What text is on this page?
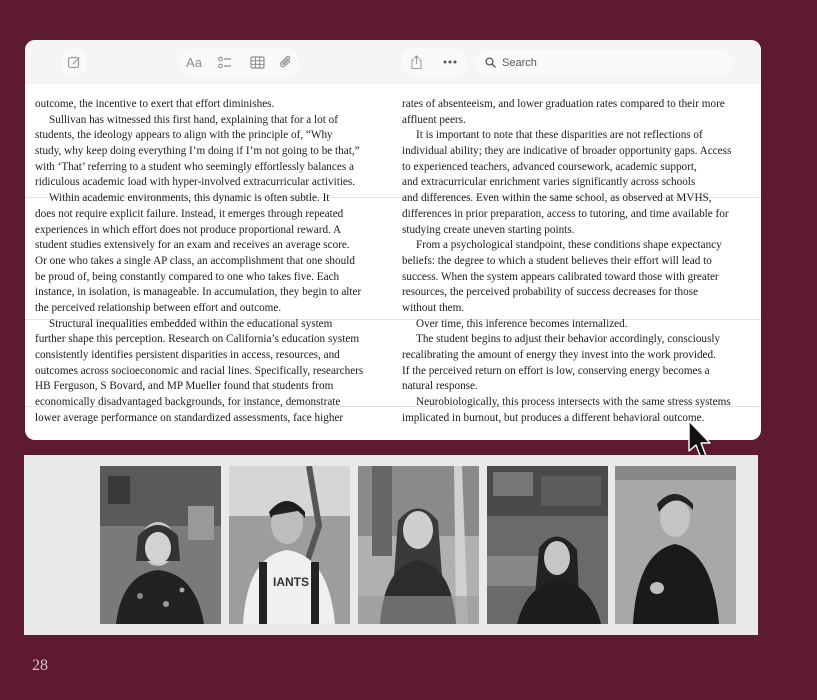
Aa
Search
outcome, the incentive to exert that effort diminishes.
Sullivan has witnessed this first hand, explaining that for a lot of
students, the ideology appears to align with the principle of, “Why
study, why keep doing everything I’m doing if I’m not going to be that,”
with ‘That’ referring to a student who seemingly effortlessly balances a
ridiculous academic load with hyper-involved extracurricular activities.
Within academic environments, this dynamic is often subtle. It
does not require explicit failure. Instead, it emerges through repeated
experiences in which effort does not produce proportional reward. A
student studies extensively for an exam and receives an average score.
Or one who takes a single AP class, an accomplishment that one should
be proud of, being constantly compared to one who takes five. Each
instance, in isolation, is manageable. In accumulation, they begin to alter
the perceived relationship between effort and outcome.
Structural inequalities embedded within the educational system
further shape this perception. Research on California’s education system
consistently identifies persistent disparities in access, resources, and
outcomes across socioeconomic and racial lines. Specifically, researchers
HB Ferguson, S Bovard, and MP Mueller found that students from
economically disadvantaged backgrounds, for instance, demonstrate
lower average performance on standardized assessments, face higher
rates of absenteeism, and lower graduation rates compared to their more
affluent peers.
It is important to note that these disparities are not reflections of
individual ability; they are indicative of broader opportunity gaps. Access
to experienced teachers, advanced coursework, academic support,
and extracurricular enrichment varies significantly across schools
and differences. Even within the same school, as observed at MVHS,
differences in prior preparation, access to tutoring, and time available for
studying create uneven starting points.
From a psychological standpoint, these conditions shape expectancy
beliefs: the degree to which a student believes their effort will lead to
success. When the system appears calibrated toward those with greater
resources, the perceived probability of success decreases for those
without them.
Over time, this inference becomes internalized.
The student begins to adjust their behavior accordingly, consciously
recalibrating the amount of energy they invest into the work provided.
If the perceived return on effort is low, conserving energy becomes a
natural response.
Neurobiologically, this process intersects with the same stress systems
implicated in burnout, but produces a different behavioral outcome.
IANTS
28
